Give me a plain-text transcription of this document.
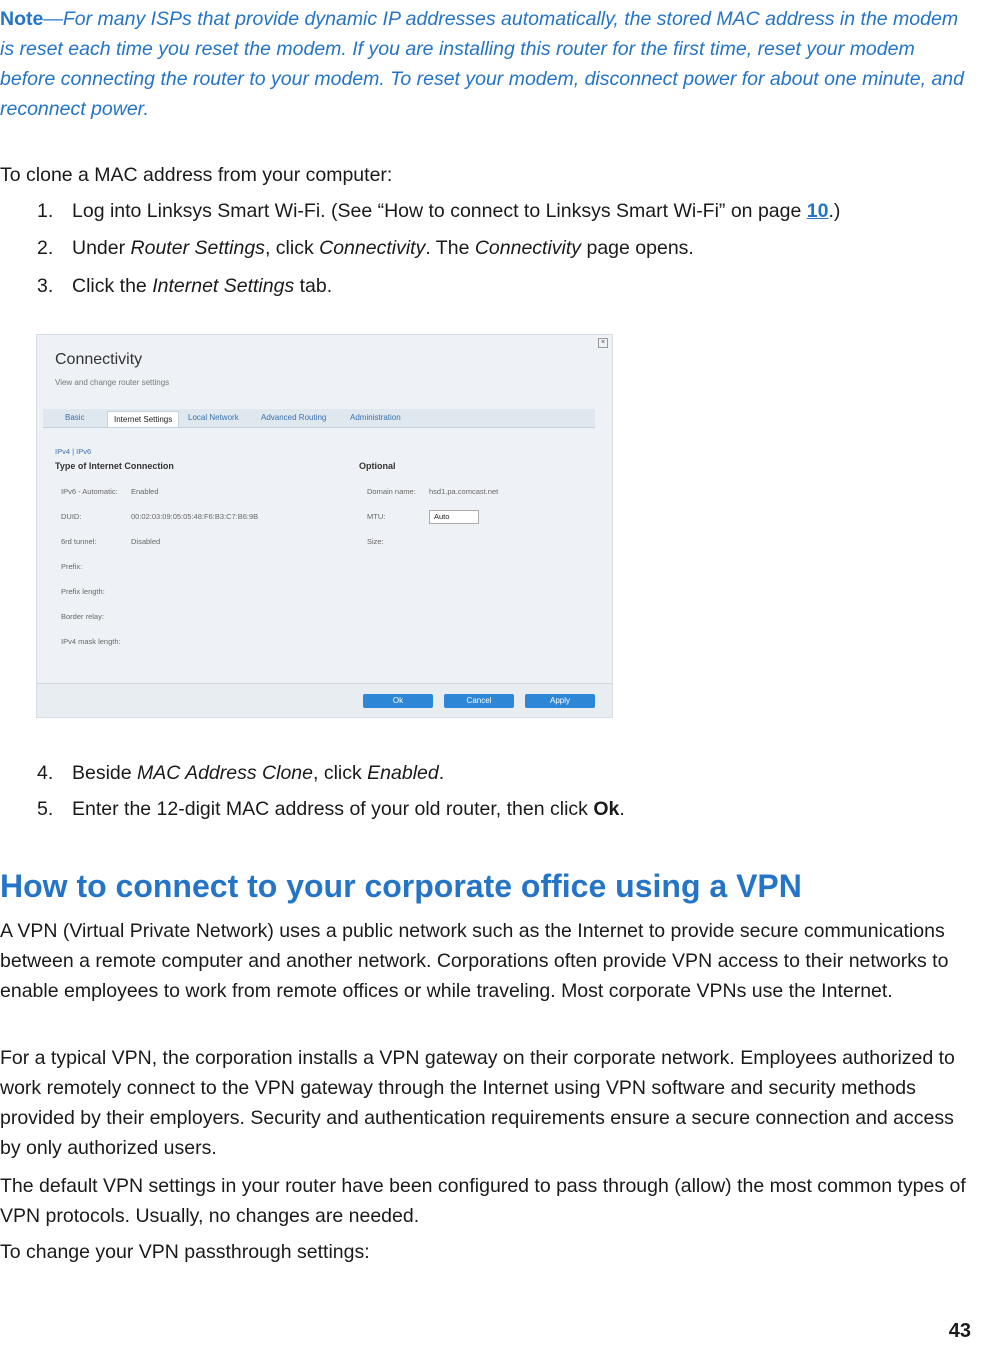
Note—For many ISPs that provide dynamic IP addresses automatically, the stored MAC address in the modem is reset each time you reset the modem. If you are installing this router for the first time, reset your modem before connecting the router to your modem. To reset your modem, disconnect power for about one minute, and reconnect power.
To clone a MAC address from your computer:
1. Log into Linksys Smart Wi-Fi. (See “How to connect to Linksys Smart Wi-Fi” on page 10.)
2. Under Router Settings, click Connectivity. The Connectivity page opens.
3. Click the Internet Settings tab.
×
Connectivity
View and change router settings
Basic	Internet Settings	Local Network	Advanced Routing	Administration
IPv4 | IPv6
Type of Internet Connection	Optional
IPv6 - Automatic: Enabled
DUID:	00:02:03:09:05:05:48:F6:B3:C7:B6:9B
6rd tunnel:	Disabled
Prefix:
Prefix length:
Border relay:
IPv4 mask length:
Domain name: hsd1.pa.comcast.net
MTU:	Auto
Size:
Ok	Cancel	Apply
4. Beside MAC Address Clone, click Enabled.
5. Enter the 12-digit MAC address of your old router, then click Ok.
How to connect to your corporate office using a VPN
A VPN (Virtual Private Network) uses a public network such as the Internet to provide secure communications between a remote computer and another network. Corporations often provide VPN access to their networks to enable employees to work from remote offices or while traveling. Most corporate VPNs use the Internet.
For a typical VPN, the corporation installs a VPN gateway on their corporate network. Employees authorized to work remotely connect to the VPN gateway through the Internet using VPN software and security methods provided by their employers. Security and authentication requirements ensure a secure connection and access by only authorized users.
The default VPN settings in your router have been configured to pass through (allow) the most common types of VPN protocols. Usually, no changes are needed.
To change your VPN passthrough settings:
43
